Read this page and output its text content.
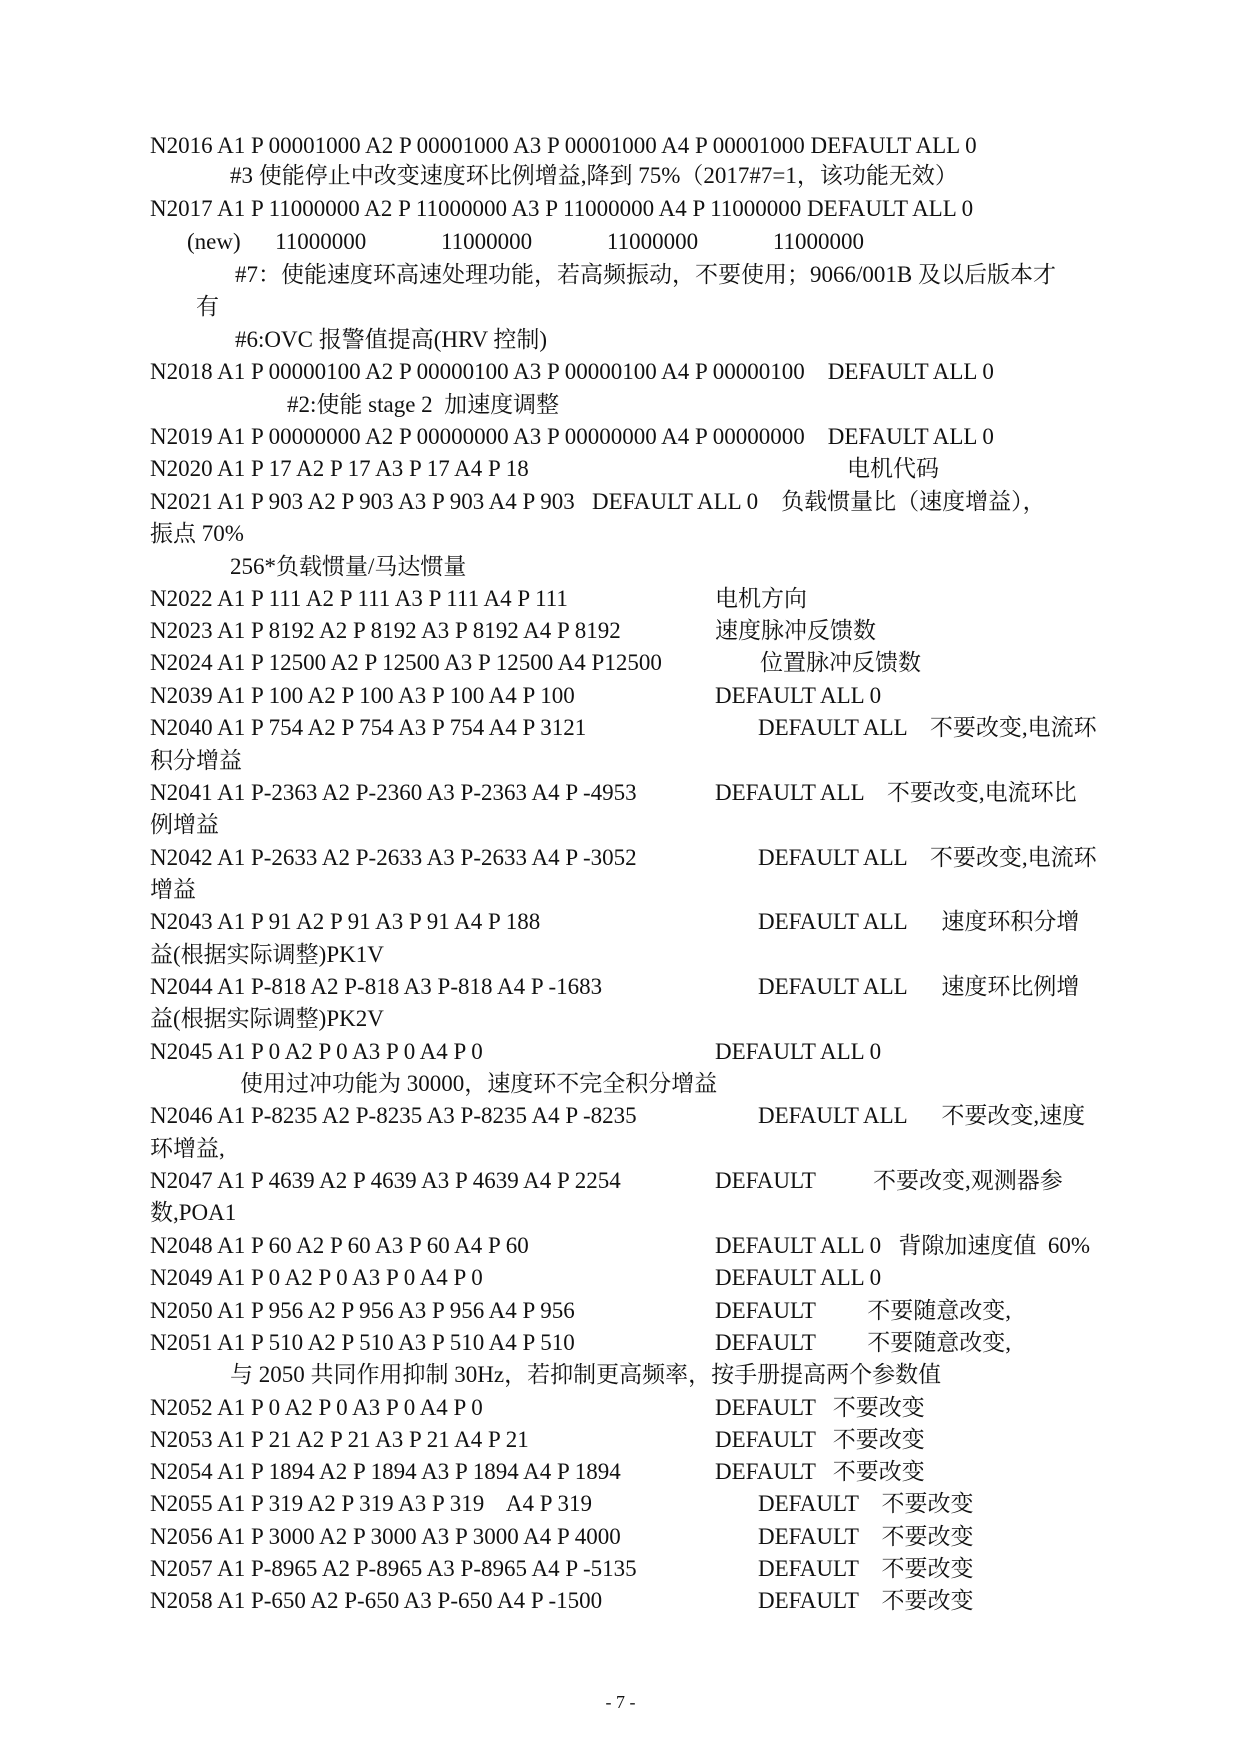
N2016 A1 P 00001000 A2 P 00001000 A3 P 00001000 A4 P 00001000 DEFAULT ALL 0
#3 使能停止中改变速度环比例增益,降到 75%（2017#7=1，该功能无效）
N2017 A1 P 11000000 A2 P 11000000 A3 P 11000000 A4 P 11000000 DEFAULT ALL 0
(new)      11000000             11000000             11000000             11000000
#7：使能速度环高速处理功能，若高频振动，不要使用；9066/001B 及以后版本才
有
#6:OVC 报警值提高(HRV 控制)
N2018 A1 P 00000100 A2 P 00000100 A3 P 00000100 A4 P 00000100    DEFAULT ALL 0
#2:使能 stage 2  加速度调整
N2019 A1 P 00000000 A2 P 00000000 A3 P 00000000 A4 P 00000000    DEFAULT ALL 0
N2020 A1 P 17 A2 P 17 A3 P 17 A4 P 18	电机代码
N2021 A1 P 903 A2 P 903 A3 P 903 A4 P 903   DEFAULT ALL 0    负载惯量比（速度增益），
振点 70%
256*负载惯量/马达惯量
N2022 A1 P 111 A2 P 111 A3 P 111 A4 P 111	电机方向
N2023 A1 P 8192 A2 P 8192 A3 P 8192 A4 P 8192	速度脉冲反馈数
N2024 A1 P 12500 A2 P 12500 A3 P 12500 A4 P12500	位置脉冲反馈数
N2039 A1 P 100 A2 P 100 A3 P 100 A4 P 100	DEFAULT ALL 0
N2040 A1 P 754 A2 P 754 A3 P 754 A4 P 3121	DEFAULT ALL    不要改变,电流环
积分增益
N2041 A1 P-2363 A2 P-2360 A3 P-2363 A4 P -4953	DEFAULT ALL    不要改变,电流环比
例增益
N2042 A1 P-2633 A2 P-2633 A3 P-2633 A4 P -3052	DEFAULT ALL    不要改变,电流环
增益
N2043 A1 P 91 A2 P 91 A3 P 91 A4 P 188	DEFAULT ALL      速度环积分增
益(根据实际调整)PK1V
N2044 A1 P-818 A2 P-818 A3 P-818 A4 P -1683	DEFAULT ALL      速度环比例增
益(根据实际调整)PK2V
N2045 A1 P 0 A2 P 0 A3 P 0 A4 P 0	DEFAULT ALL 0
使用过冲功能为 30000，速度环不完全积分增益
N2046 A1 P-8235 A2 P-8235 A3 P-8235 A4 P -8235	DEFAULT ALL      不要改变,速度
环增益,
N2047 A1 P 4639 A2 P 4639 A3 P 4639 A4 P 2254	DEFAULT          不要改变,观测器参
数,POA1
N2048 A1 P 60 A2 P 60 A3 P 60 A4 P 60	DEFAULT ALL 0   背隙加速度值  60%
N2049 A1 P 0 A2 P 0 A3 P 0 A4 P 0	DEFAULT ALL 0
N2050 A1 P 956 A2 P 956 A3 P 956 A4 P 956	DEFAULT         不要随意改变,
N2051 A1 P 510 A2 P 510 A3 P 510 A4 P 510	DEFAULT         不要随意改变,
与 2050 共同作用抑制 30Hz，若抑制更高频率，按手册提高两个参数值
N2052 A1 P 0 A2 P 0 A3 P 0 A4 P 0	DEFAULT   不要改变
N2053 A1 P 21 A2 P 21 A3 P 21 A4 P 21	DEFAULT   不要改变
N2054 A1 P 1894 A2 P 1894 A3 P 1894 A4 P 1894	DEFAULT   不要改变
N2055 A1 P 319 A2 P 319 A3 P 319    A4 P 319	DEFAULT    不要改变
N2056 A1 P 3000 A2 P 3000 A3 P 3000 A4 P 4000	DEFAULT    不要改变
N2057 A1 P-8965 A2 P-8965 A3 P-8965 A4 P -5135	DEFAULT    不要改变
N2058 A1 P-650 A2 P-650 A3 P-650 A4 P -1500	DEFAULT    不要改变
- 7 -
